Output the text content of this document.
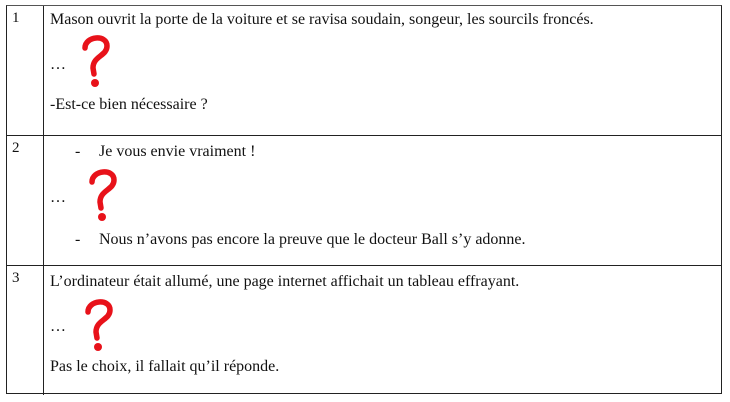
1 Mason ouvrit la porte de la voiture et se ravisa soudain, songeur, les sourcils froncés.
…
-Est-ce bien nécessaire ?
2	- Je vous envie vraiment !
…
- Nous n’avons pas encore la preuve que le docteur Ball s’y adonne.
3 L’ordinateur était allumé, une page internet affichait un tableau effrayant.
…
Pas le choix, il fallait qu’il réponde.
